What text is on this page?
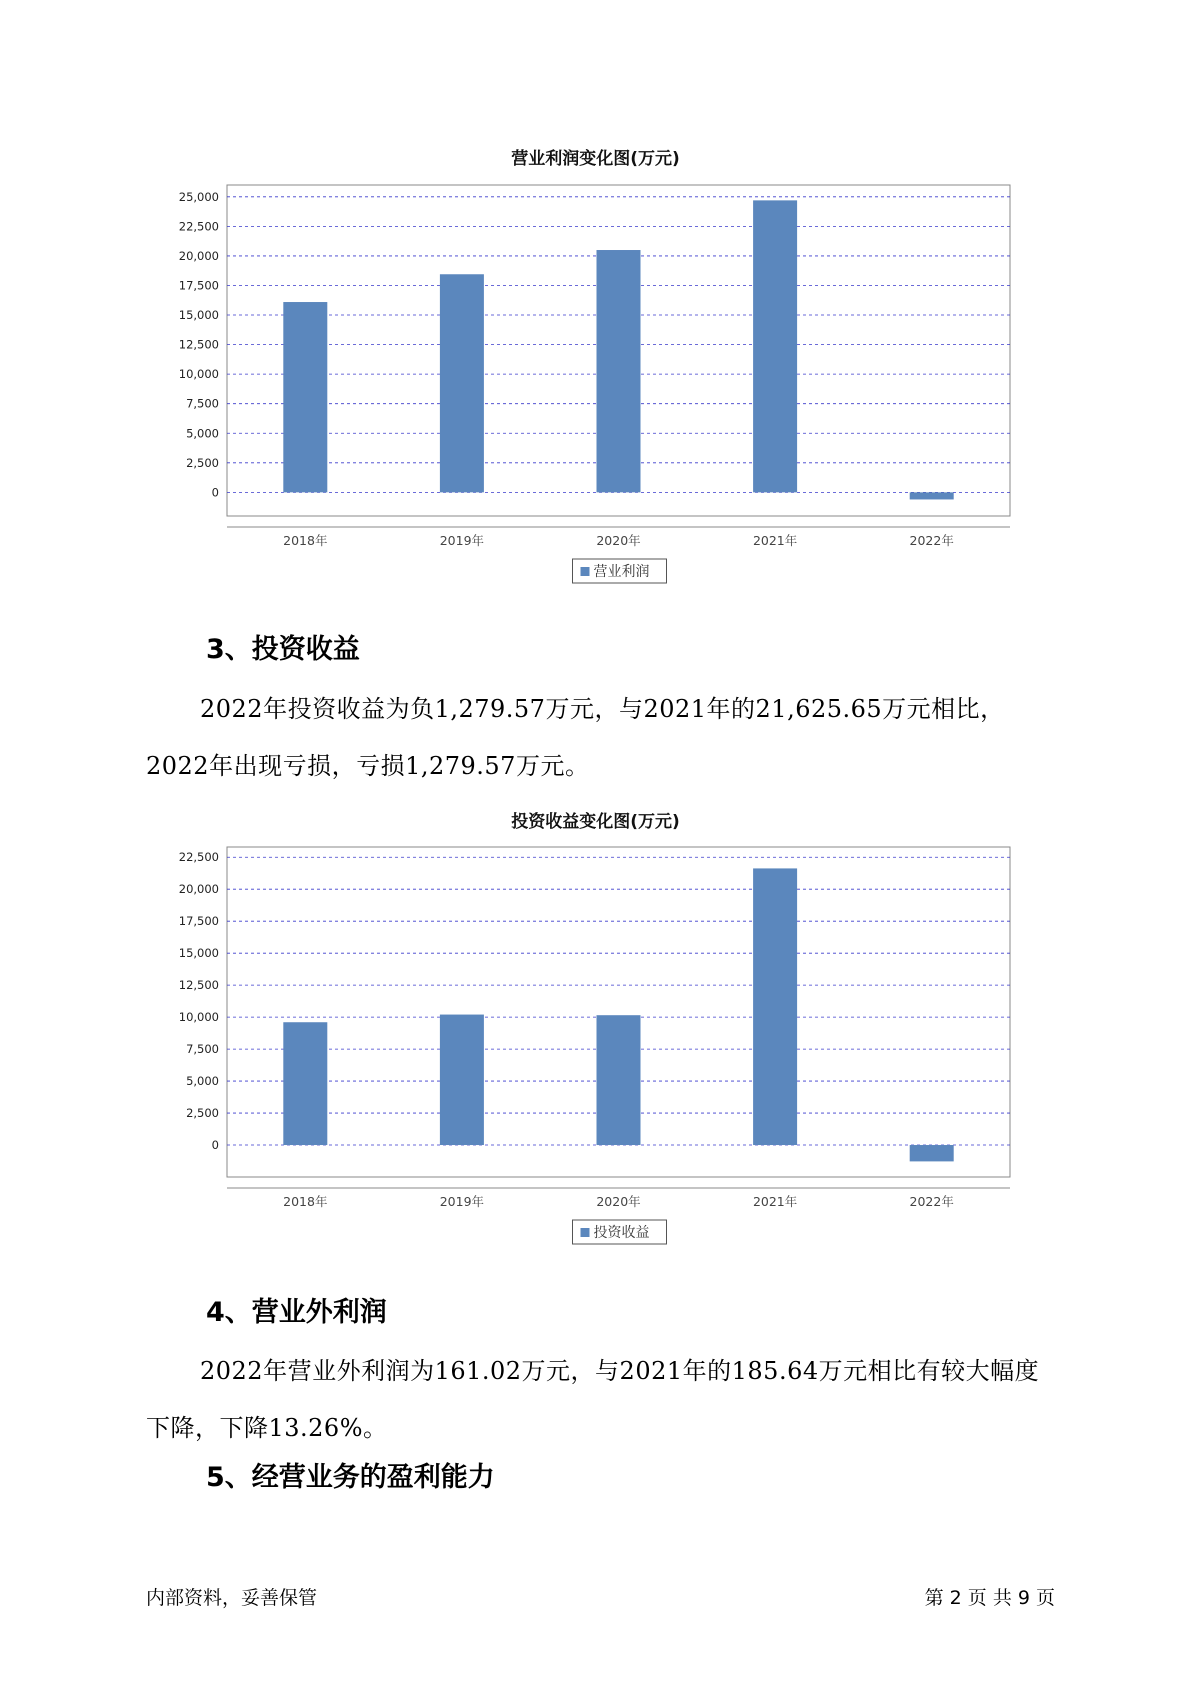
营业利润变化图(万元)
0
2,500
5,000
7,500
10,000
12,500
15,000
17,500
20,000
22,500
25,000
2018年	2019年	2020年	2021年	2022年
营业利润
3、投资收益

2022年投资收益为负1,279.57万元，与2021年的21,625.65万元相比，2022年出现亏损，亏损1,279.57万元。

投资收益变化图(万元)
0
2,500
5,000
7,500
10,000
12,500
15,000
17,500
20,000
22,500
2018年	2019年	2020年	2021年	2022年
投资收益
4、营业外利润

2022年营业外利润为161.02万元，与2021年的185.64万元相比有较大幅度下降，下降13.26%。

5、经营业务的盈利能力
内部资料，妥善保管	第 2 页 共 9 页
